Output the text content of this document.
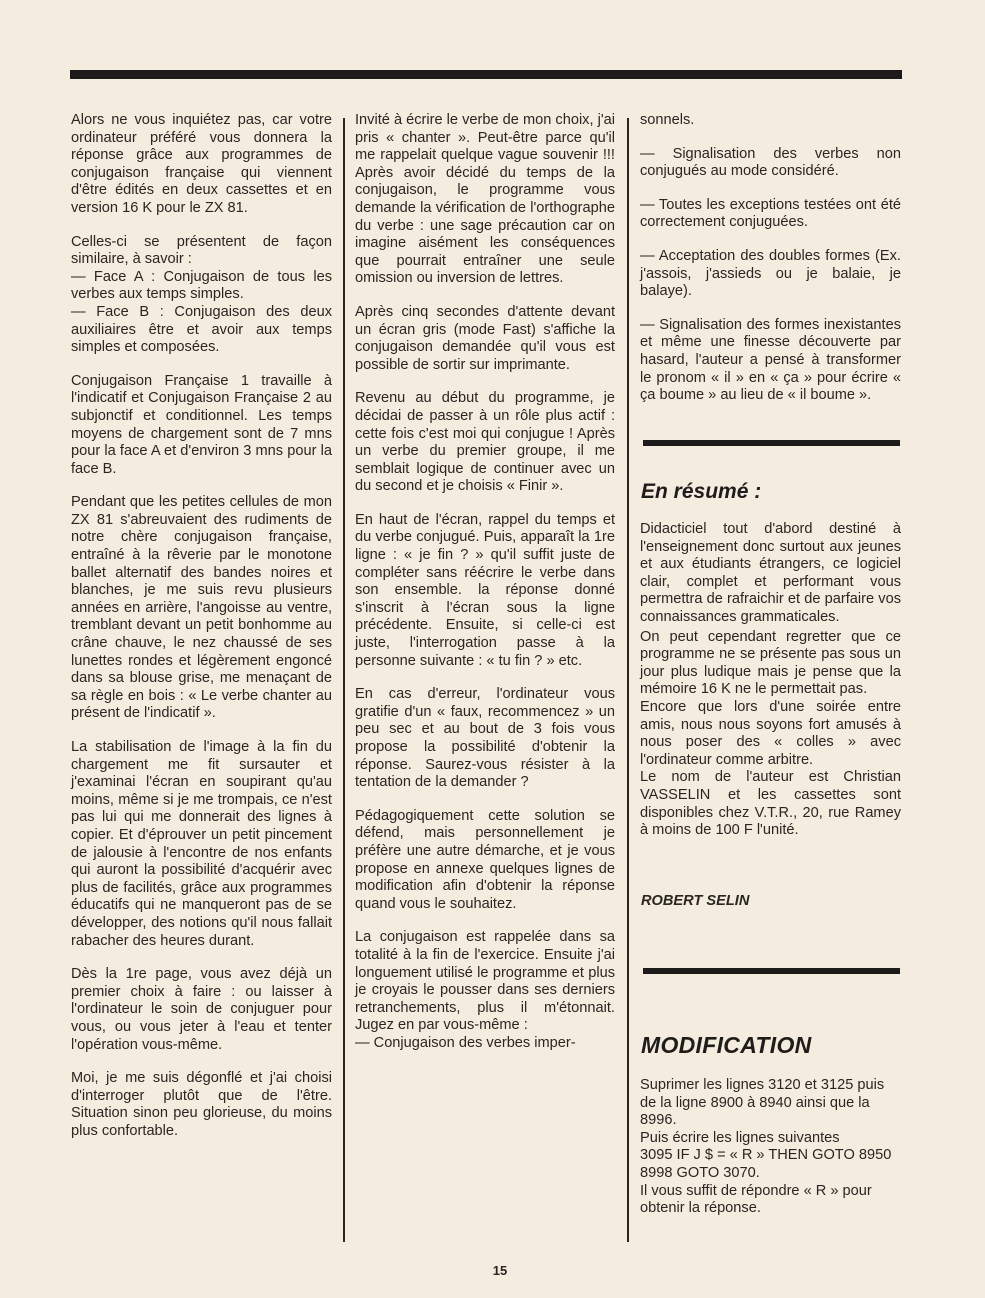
Alors ne vous inquiétez pas, car votre ordinateur préféré vous donnera la réponse grâce aux programmes de conjugaison française qui viennent d'être édités en deux cassettes et en version 16 K pour le ZX 81.

Celles-ci se présentent de façon similaire, à savoir :

— Face A : Conjugaison de tous les verbes aux temps simples.

— Face B : Conjugaison des deux auxiliaires être et avoir aux temps simples et composées.

Conjugaison Française 1 travaille à l'indicatif et Conjugaison Française 2 au subjonctif et conditionnel. Les temps moyens de chargement sont de 7 mns pour la face A et d'environ 3 mns pour la face B.

Pendant que les petites cellules de mon ZX 81 s'abreuvaient des rudiments de notre chère conjugaison française, entraîné à la rêverie par le monotone ballet alternatif des bandes noires et blanches, je me suis revu plusieurs années en arrière, l'angoisse au ventre, tremblant devant un petit bonhomme au crâne chauve, le nez chaussé de ses lunettes rondes et légèrement engoncé dans sa blouse grise, me menaçant de sa règle en bois : « Le verbe chanter au présent de l'indicatif ».

La stabilisation de l'image à la fin du chargement me fit sursauter et j'examinai l'écran en soupirant qu'au moins, même si je me trompais, ce n'est pas lui qui me donnerait des lignes à copier. Et d'éprouver un petit pincement de jalousie à l'encontre de nos enfants qui auront la possibilité d'acquérir avec plus de facilités, grâce aux programmes éducatifs qui ne manqueront pas de se développer, des notions qu'il nous fallait rabacher des heures durant.

Dès la 1re page, vous avez déjà un premier choix à faire : ou laisser à l'ordinateur le soin de conjuguer pour vous, ou vous jeter à l'eau et tenter l'opération vous-même.

Moi, je me suis dégonflé et j'ai choisi d'interroger plutôt que de l'être. Situation sinon peu glorieuse, du moins plus confortable.

Invité à écrire le verbe de mon choix, j'ai pris « chanter ». Peut-être parce qu'il me rappelait quelque vague souvenir !!! Après avoir décidé du temps de la conjugaison, le programme vous demande la vérification de l'orthographe du verbe : une sage précaution car on imagine aisément les conséquences que pourrait entraîner une seule omission ou inversion de lettres.

Après cinq secondes d'attente devant un écran gris (mode Fast) s'affiche la conjugaison demandée qu'il vous est possible de sortir sur imprimante.

Revenu au début du programme, je décidai de passer à un rôle plus actif : cette fois c'est moi qui conjugue ! Après un verbe du premier groupe, il me semblait logique de continuer avec un du second et je choisis « Finir ».

En haut de l'écran, rappel du temps et du verbe conjugué. Puis, apparaît la 1re ligne : « je fin ? » qu'il suffit juste de compléter sans réécrire le verbe dans son ensemble. la réponse donné s'inscrit à l'écran sous la ligne précédente. Ensuite, si celle-ci est juste, l'interrogation passe à la personne suivante : « tu fin ? » etc.

En cas d'erreur, l'ordinateur vous gratifie d'un « faux, recommencez » un peu sec et au bout de 3 fois vous propose la possibilité d'obtenir la réponse. Saurez-vous résister à la tentation de la demander ?

Pédagogiquement cette solution se défend, mais personnellement je préfère une autre démarche, et je vous propose en annexe quelques lignes de modification afin d'obtenir la réponse quand vous le souhaitez.

La conjugaison est rappelée dans sa totalité à la fin de l'exercice. Ensuite j'ai longuement utilisé le programme et plus je croyais le pousser dans ses derniers retranchements, plus il m'étonnait. Jugez en par vous-même :

— Conjugaison des verbes imper-

sonnels.

— Signalisation des verbes non conjugués au mode considéré.

— Toutes les exceptions testées ont été correctement conjuguées.

— Acceptation des doubles formes (Ex. j'assois, j'assieds ou je balaie, je balaye).

— Signalisation des formes inexistantes et même une finesse découverte par hasard, l'auteur a pensé à transformer le pronom « il » en « ça » pour écrire « ça boume » au lieu de « il boume ».

En résumé :

Didacticiel tout d'abord destiné à l'enseignement donc surtout aux jeunes et aux étudiants étrangers, ce logiciel clair, complet et performant vous permettra de rafraichir et de parfaire vos connaissances grammaticales.

On peut cependant regretter que ce programme ne se présente pas sous un jour plus ludique mais je pense que la mémoire 16 K ne le permettait pas.

Encore que lors d'une soirée entre amis, nous nous soyons fort amusés à nous poser des « colles » avec l'ordinateur comme arbitre.

Le nom de l'auteur est Christian VASSELIN et les cassettes sont disponibles chez V.T.R., 20, rue Ramey à moins de 100 F l'unité.

ROBERT SELIN
MODIFICATION

Suprimer les lignes 3120 et 3125 puis de la ligne 8900 à 8940 ainsi que la 8996.

Puis écrire les lignes suivantes

3095 IF J $ = « R » THEN GOTO 8950

8998 GOTO 3070.

Il vous suffit de répondre « R » pour obtenir la réponse.

15
